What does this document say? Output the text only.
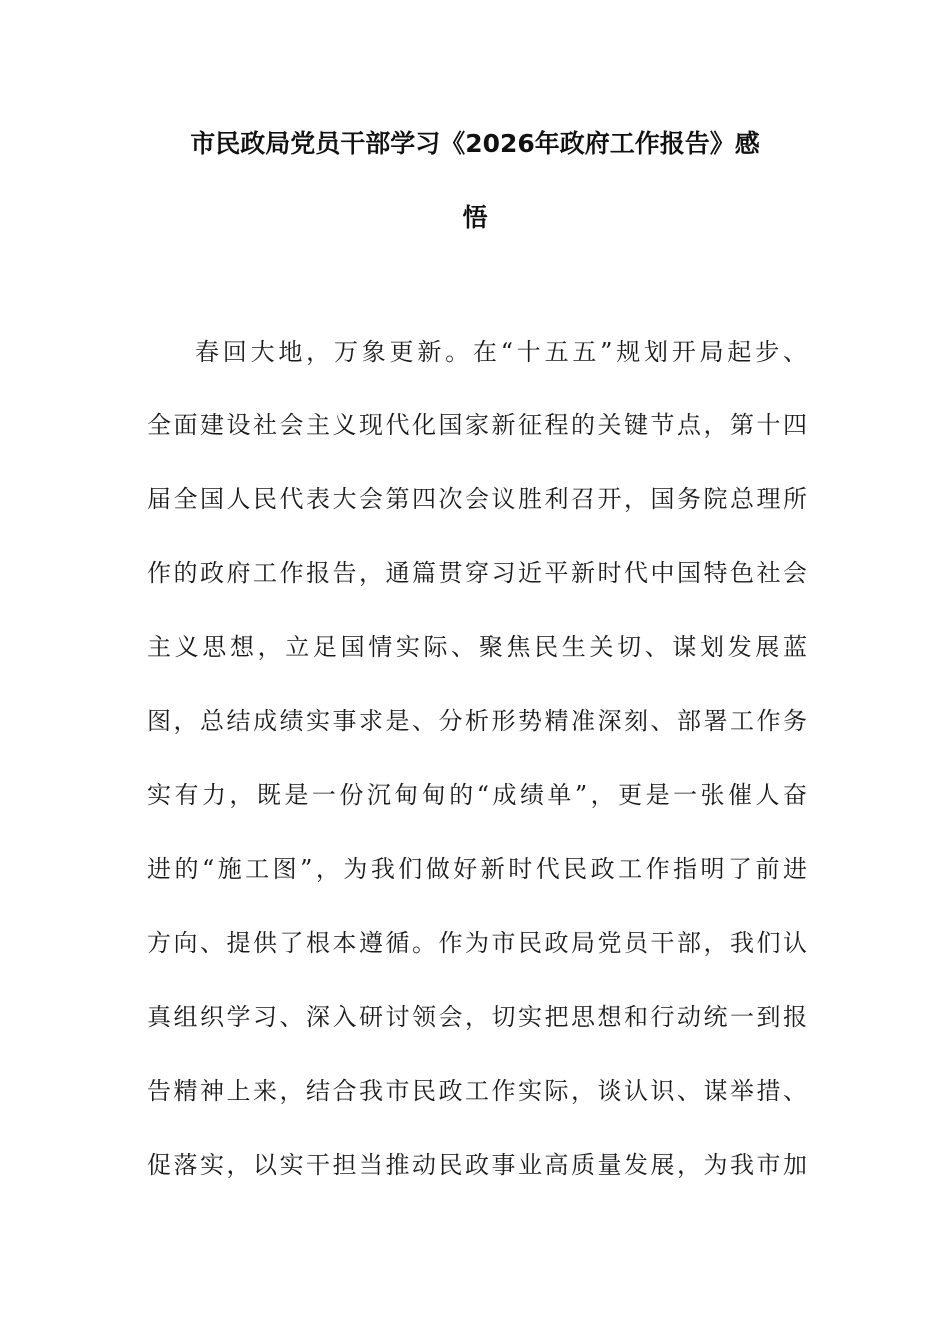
市民政局党员干部学习《2026年政府工作报告》感
悟
春回大地，万象更新。在“十五五”规划开局起步、
全面建设社会主义现代化国家新征程的关键节点，第十四
届全国人民代表大会第四次会议胜利召开，国务院总理所
作的政府工作报告，通篇贯穿习近平新时代中国特色社会
主义思想，立足国情实际、聚焦民生关切、谋划发展蓝
图，总结成绩实事求是、分析形势精准深刻、部署工作务
实有力，既是一份沉甸甸的“成绩单”，更是一张催人奋
进的“施工图”，为我们做好新时代民政工作指明了前进
方向、提供了根本遵循。作为市民政局党员干部，我们认
真组织学习、深入研讨领会，切实把思想和行动统一到报
告精神上来，结合我市民政工作实际，谈认识、谋举措、
促落实，以实干担当推动民政事业高质量发展，为我市加
